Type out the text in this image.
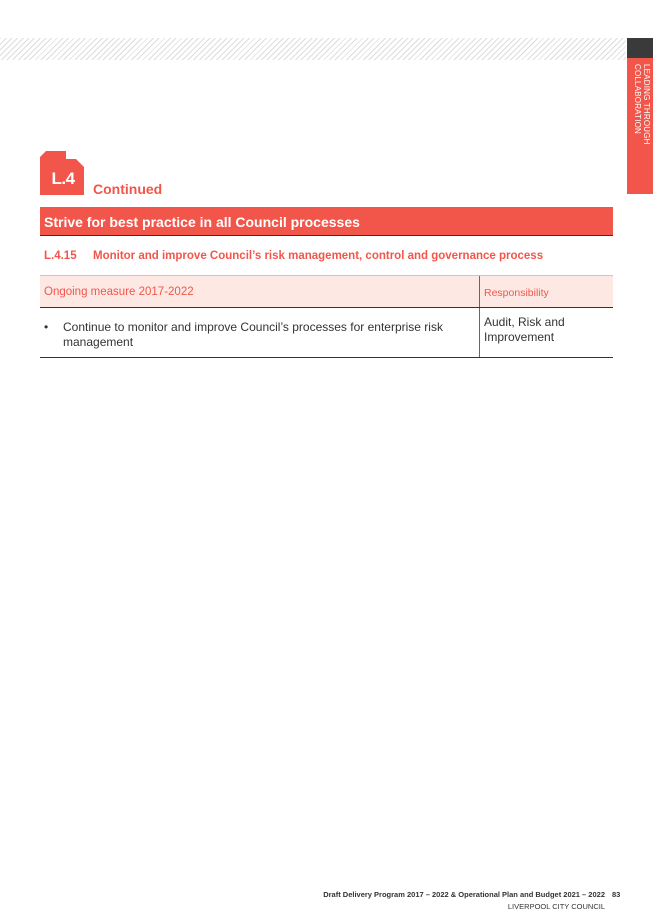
LEADING THROUGH
COLLABORATION
L.4
Continued
Strive for best practice in all Council processes
L.4.15 Monitor and improve Council’s risk management, control and governance process
Ongoing measure 2017-2022	Responsibility
• Continue to monitor and improve Council’s processes for enterprise risk management
Audit, Risk and Improvement
Draft Delivery Program 2017 – 2022 & Operational Plan and Budget 2021 – 2022 83
LIVERPOOL CITY COUNCIL
